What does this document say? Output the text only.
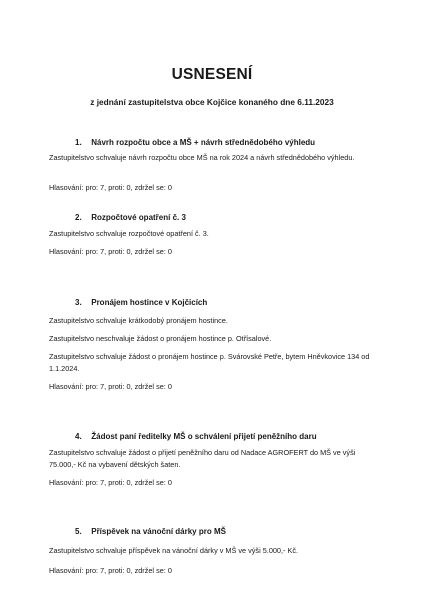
USNESENÍ
z jednání zastupitelstva obce Kojčice konaného dne 6.11.2023
1. Návrh rozpočtu obce a MŠ + návrh střednědobého výhledu
Zastupitelstvo schvaluje návrh rozpočtu obce MŠ na rok 2024 a návrh střednědobého výhledu.
Hlasování: pro: 7, proti: 0, zdržel se: 0
2. Rozpočtové opatření č. 3
Zastupitelstvo schvaluje rozpočtové opatření č. 3.
Hlasování: pro: 7, proti: 0, zdržel se: 0
3. Pronájem hostince v Kojčicích
Zastupitelstvo schvaluje krátkodobý pronájem hostince.
Zastupitelstvo neschvaluje žádost o pronájem hostince p. Otřísalové.
Zastupitelstvo schvaluje žádost o pronájem hostince p. Svárovské Petře, bytem Hněvkovice 134 od 1.1.2024.
Hlasování: pro: 7, proti: 0, zdržel se: 0
4. Žádost paní ředitelky MŠ o schválení přijetí peněžního daru
Zastupitelstvo schvaluje žádost o přijetí peněžního daru od Nadace AGROFERT do MŠ ve výši 75.000,- Kč na vybavení dětských šaten.
Hlasování: pro: 7, proti: 0, zdržel se: 0
5. Příspěvek na vánoční dárky pro MŠ
Zastupitelstvo schvaluje příspěvek na vánoční dárky v MŠ ve výši 5.000,- Kč.
Hlasování: pro: 7, proti: 0, zdržel se: 0
